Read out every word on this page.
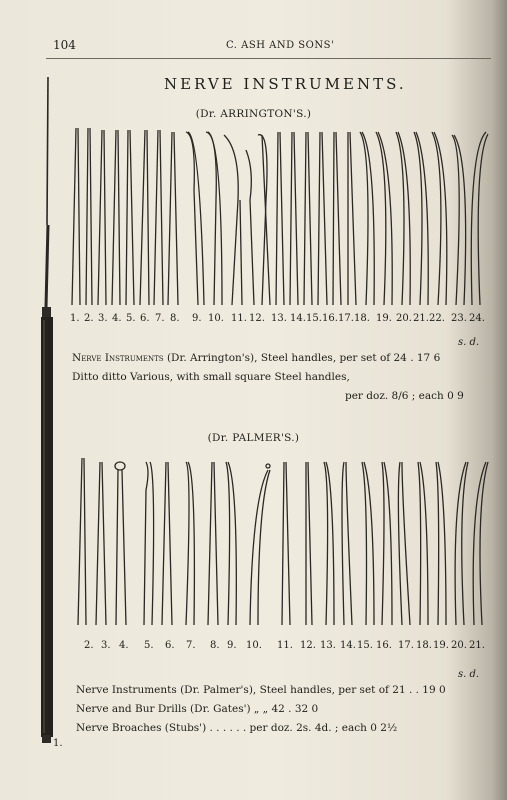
104	C. ASH AND SONS'
NERVE INSTRUMENTS.
(Dr. ARRINGTON'S.)
1.
1. 2. 3. 4. 5. 6. 7. 8. 9. 10. 11. 12. 13. 14. 15. 16. 17. 18. 19. 20. 21. 22. 23. 24.
s. d.
Nerve Instruments (Dr. Arrington's), Steel handles, per set of 24 . 17 6
Ditto ditto Various, with small square Steel handles,
per doz. 8/6 ; each 0 9
(Dr. PALMER'S.)
2. 3. 4. 5. 6. 7. 8. 9. 10. 11. 12. 13. 14. 15. 16. 17. 18. 19. 20. 21.
s. d.
Nerve Instruments (Dr. Palmer's), Steel handles, per set of 21 . . 19 0
Nerve and Bur Drills (Dr. Gates') „ „ 42 . 32 0
Nerve Broaches (Stubs') . . . . . . per doz. 2s. 4d. ; each 0 2½
